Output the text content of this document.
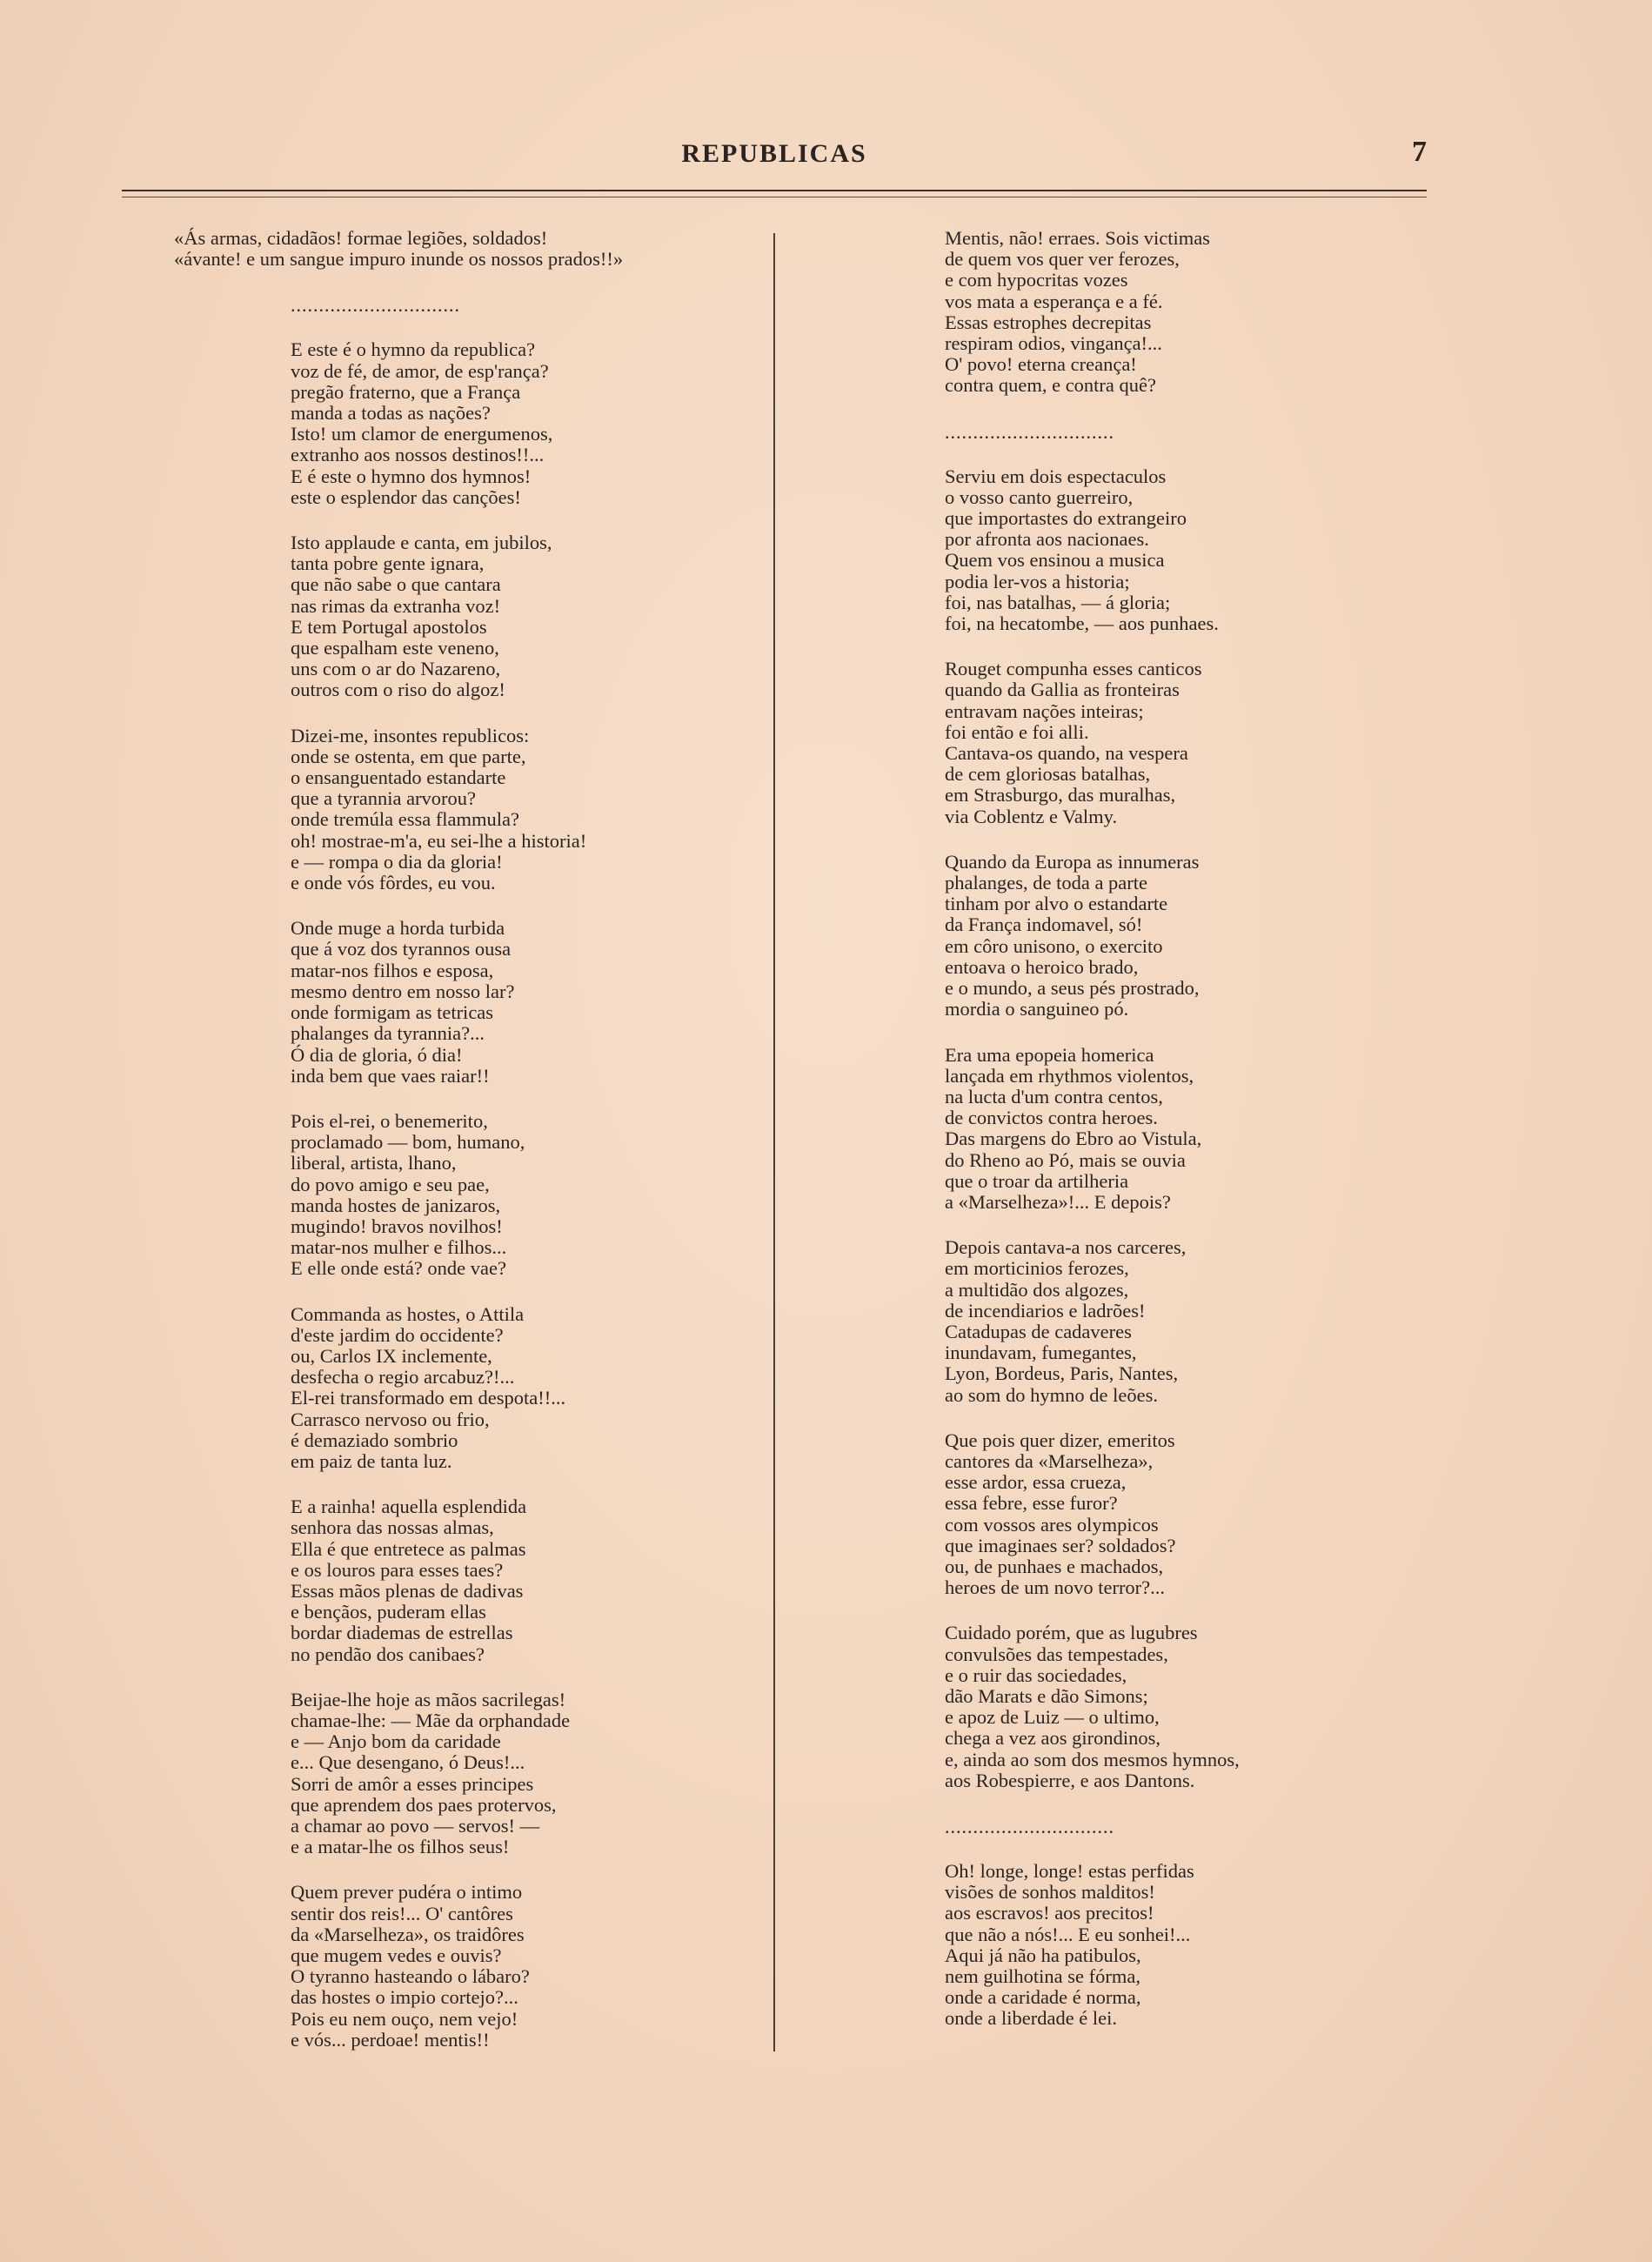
REPUBLICAS	7
«Ás armas, cidadãos! formae legiões, soldados!
«ávante! e um sangue impuro inunde os nossos prados!!»
..............................
E este é o hymno da republica?
voz de fé, de amor, de esp'rança?
pregão fraterno, que a França
manda a todas as nações?
Isto! um clamor de energumenos,
extranho aos nossos destinos!!...
E é este o hymno dos hymnos!
este o esplendor das canções!
Isto applaude e canta, em jubilos,
tanta pobre gente ignara,
que não sabe o que cantara
nas rimas da extranha voz!
E tem Portugal apostolos
que espalham este veneno,
uns com o ar do Nazareno,
outros com o riso do algoz!
Dizei-me, insontes republicos:
onde se ostenta, em que parte,
o ensanguentado estandarte
que a tyrannia arvorou?
onde tremúla essa flammula?
oh! mostrae-m'a, eu sei-lhe a historia!
e — rompa o dia da gloria!
e onde vós fôrdes, eu vou.
Onde muge a horda turbida
que á voz dos tyrannos ousa
matar-nos filhos e esposa,
mesmo dentro em nosso lar?
onde formigam as tetricas
phalanges da tyrannia?...
Ó dia de gloria, ó dia!
inda bem que vaes raiar!!
Pois el-rei, o benemerito,
proclamado — bom, humano,
liberal, artista, lhano,
do povo amigo e seu pae,
manda hostes de janizaros,
mugindo! bravos novilhos!
matar-nos mulher e filhos...
E elle onde está? onde vae?
Commanda as hostes, o Attila
d'este jardim do occidente?
ou, Carlos IX inclemente,
desfecha o regio arcabuz?!...
El-rei transformado em despota!!...
Carrasco nervoso ou frio,
é demaziado sombrio
em paiz de tanta luz.
E a rainha! aquella esplendida
senhora das nossas almas,
Ella é que entretece as palmas
e os louros para esses taes?
Essas mãos plenas de dadivas
e bençãos, puderam ellas
bordar diademas de estrellas
no pendão dos canibaes?
Beijae-lhe hoje as mãos sacrilegas!
chamae-lhe: — Mãe da orphandade
e — Anjo bom da caridade
e... Que desengano, ó Deus!...
Sorri de amôr a esses principes
que aprendem dos paes protervos,
a chamar ao povo — servos! —
e a matar-lhe os filhos seus!
Quem prever pudéra o intimo
sentir dos reis!... O' cantôres
da «Marselheza», os traidôres
que mugem vedes e ouvis?
O tyranno hasteando o lábaro?
das hostes o impio cortejo?...
Pois eu nem ouço, nem vejo!
e vós... perdoae! mentis!!
Mentis, não! erraes. Sois victimas
de quem vos quer ver ferozes,
e com hypocritas vozes
vos mata a esperança e a fé.
Essas estrophes decrepitas
respiram odios, vingança!...
O' povo! eterna creança!
contra quem, e contra quê?
..............................
Serviu em dois espectaculos
o vosso canto guerreiro,
que importastes do extrangeiro
por afronta aos nacionaes.
Quem vos ensinou a musica
podia ler-vos a historia;
foi, nas batalhas, — á gloria;
foi, na hecatombe, — aos punhaes.
Rouget compunha esses canticos
quando da Gallia as fronteiras
entravam nações inteiras;
foi então e foi alli.
Cantava-os quando, na vespera
de cem gloriosas batalhas,
em Strasburgo, das muralhas,
via Coblentz e Valmy.
Quando da Europa as innumeras
phalanges, de toda a parte
tinham por alvo o estandarte
da França indomavel, só!
em côro unisono, o exercito
entoava o heroico brado,
e o mundo, a seus pés prostrado,
mordia o sanguineo pó.
Era uma epopeia homerica
lançada em rhythmos violentos,
na lucta d'um contra centos,
de convictos contra heroes.
Das margens do Ebro ao Vistula,
do Rheno ao Pó, mais se ouvia
que o troar da artilheria
a «Marselheza»!... E depois?
Depois cantava-a nos carceres,
em morticinios ferozes,
a multidão dos algozes,
de incendiarios e ladrões!
Catadupas de cadaveres
inundavam, fumegantes,
Lyon, Bordeus, Paris, Nantes,
ao som do hymno de leões.
Que pois quer dizer, emeritos
cantores da «Marselheza»,
esse ardor, essa crueza,
essa febre, esse furor?
com vossos ares olympicos
que imaginaes ser? soldados?
ou, de punhaes e machados,
heroes de um novo terror?...
Cuidado porém, que as lugubres
convulsões das tempestades,
e o ruir das sociedades,
dão Marats e dão Simons;
e apoz de Luiz — o ultimo,
chega a vez aos girondinos,
e, ainda ao som dos mesmos hymnos,
aos Robespierre, e aos Dantons.
..............................
Oh! longe, longe! estas perfidas
visões de sonhos malditos!
aos escravos! aos precitos!
que não a nós!... E eu sonhei!...
Aqui já não ha patibulos,
nem guilhotina se fórma,
onde a caridade é norma,
onde a liberdade é lei.
